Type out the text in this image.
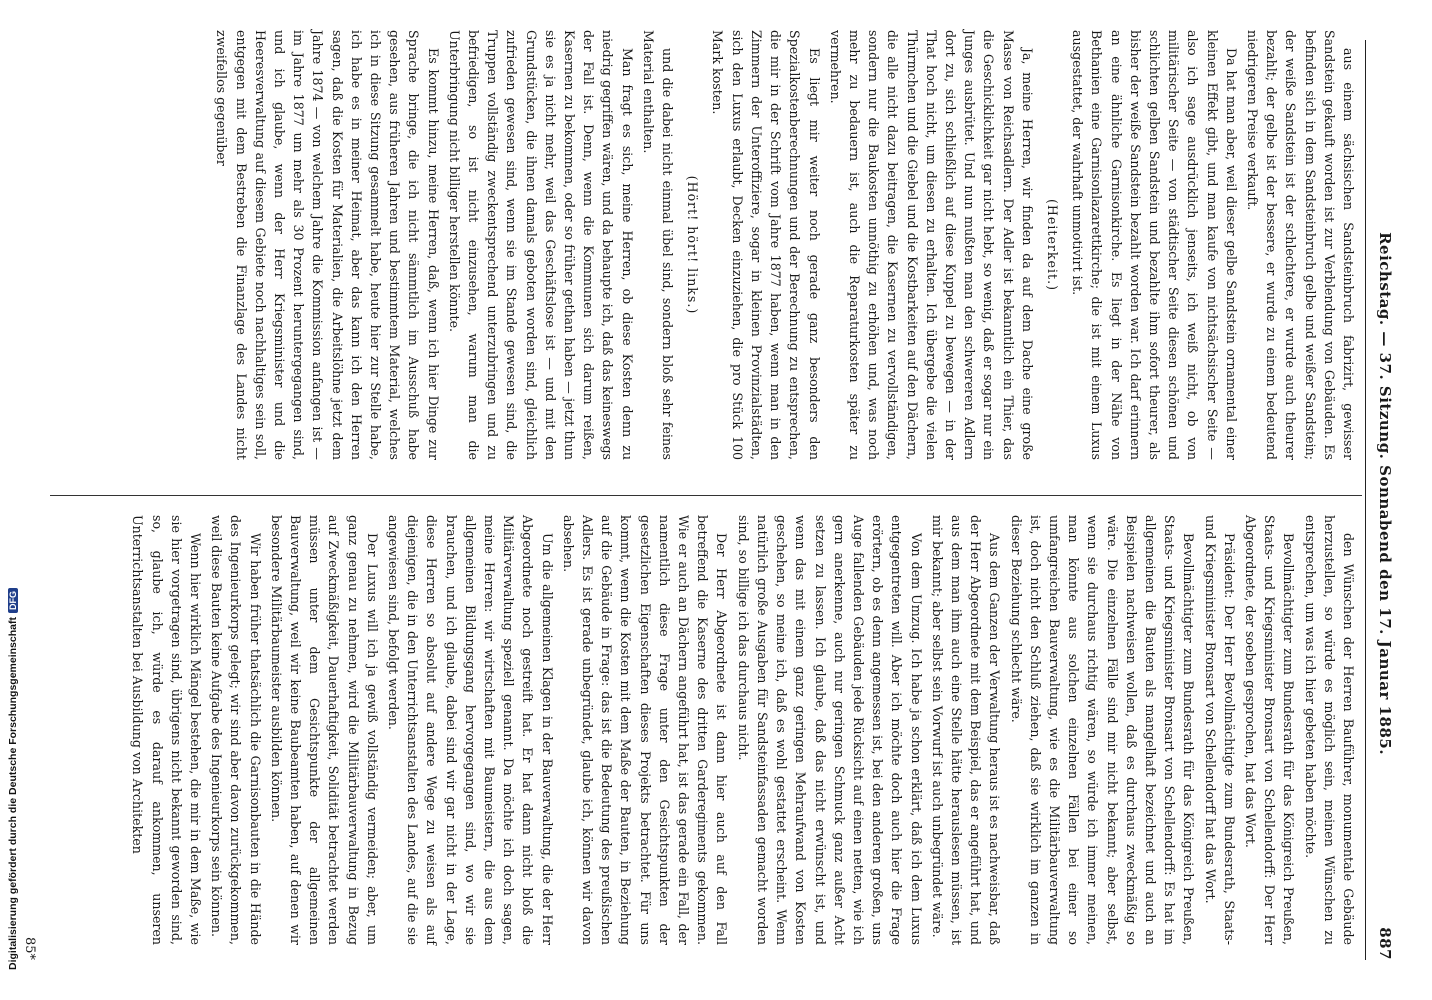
Digitalisierung gefördert durch die Deutsche ForschungsgemeinschaftDFG	Reichstag. — 37. Sitzung. Sonnabend den 17. Januar 1885.
887

aus einem sächsischen Sandsteinbruch fabrizirt, gewisser Sandstein gekauft worden ist zur Verblendung von Gebäuden. Es befinden sich in dem Sandsteinbruch gelbe und weißer Sandstein; der weiße Sandstein ist der schlechtere, er wurde auch theurer bezahlt; der gelbe ist der bessere, er wurde zu einem bedeutend niedrigeren Preise verkauft.

Da hat man aber, weil dieser gelbe Sandstein ornamental einer kleinen Effekt gibt, und man kaufe von nichtsächsischer Seite — also ich sage ausdrücklich jenseits, ich weiß nicht, ob von militärischer Seite — von städtischer Seite diesen schönen und schlichten gelben Sandstein und bezahlte ihm sofort theurer, als bisher der weiße Sandstein bezahlt worden war. Ich darf erinnern an eine ähnliche Garnisonkirche. Es liegt in der Nähe von Bethanien eine Garnisonlazarettkirche; die ist mit einem Luxus ausgestattet, der wahrhaft unmotivirt ist.

(Heiterkeit.)

Ja, meine Herren, wir finden da auf dem Dache eine große Masse von Reichsadlern. Der Adler ist bekanntlich ein Thier, das die Geschicklichkeit gar nicht hebt, so wenig, daß er sogar nur ein Junges ausbrütet. Und nun mußten man den schwereren Adlern dort zu, sich schließlich auf diese Kuppel zu bewegen — in der That hoch nicht, um diesen zu erhalten. Ich übergebe die vielen Thürmchen und die Giebel und die Kostbarkeiten auf den Dächern, die alle nicht dazu beitragen, die Kasernen zu vervollständigen, sondern nur die Baukosten unnöthig zu erhöhen und, was noch mehr zu bedauern ist, auch die Reparaturkosten später zu vermehren.

Es liegt mir weiter noch gerade ganz besonders den Spezialkostenberechnungen und der Berechnung zu entsprechen, die mir in der Schrift vom Jahre 1877 haben, wenn man in den Zimmern der Unteroffiziere, sogar in kleinen Provinzialstädten, sich den Luxus erlaubt, Decken einzuziehen, die pro Stück 100 Mark kosten.

(Hört! hört! links.)

und die dabei nicht einmal übel sind, sondern bloß sehr feines Material enthalten.

Man fragt es sich, meine Herren, ob diese Kosten denn zu niedrig gegriffen wären, und da behaupte ich, daß das keineswegs der Fall ist. Denn, wenn die Kommunen sich darum reißen, Kasernen zu bekommen, oder so früher gethan haben — jetzt thun sie es ja nicht mehr, weil das Geschäftslose ist — und mit den Grundstücken, die ihnen damals geboten worden sind, gleichlich zufrieden gewesen sind, wenn sie im Stande gewesen sind, die Truppen vollständig zweckentsprechend unterzubringen und zu befriedigen, so ist nicht einzusehen, warum man die Unterbringung nicht billiger herstellen könnte.

Es kommt hinzu, meine Herren, daß, wenn ich hier Dinge zur Sprache bringe, die ich nicht sämmtlich im Ausschuß habe gesehen, aus früheren Jahren und bestimmtem Material, welches ich in diese Sitzung gesammelt habe, heute hier zur Stelle habe, ich habe es in meiner Heimat, aber das kann ich den Herren sagen, daß die Kosten für Materialien, die Arbeitslöhne jetzt dem Jahre 1874 — von welchem Jahre die Kommission anfangen ist — im Jahre 1877 um mehr als 30 Prozent heruntergegangen sind, und ich glaube, wenn der Herr Kriegsminister und die Heeresverwaltung auf diesem Gebiete noch nachhaltiges sein soll, entgegen mit dem Bestreben die Finanzlage des Landes nicht zweifellos gegenüber

den Wünschen der Herren Bauführer, monumentale Gebäude herzustellen, so würde es möglich sein, meinen Wünschen zu entsprechen, um was ich hier gebeten haben möchte.

Bevollmächtigter zum Bundesrath für das Königreich Preußen, Staats- und Kriegsminister Bronsart von Schellendorff: Der Herr Abgeordnete, der soeben gesprochen, hat das Wort.

Präsident: Der Herr Bevollmächtigte zum Bundesrath, Staats- und Kriegsminister Bronsart von Schellendorff hat das Wort.

Bevollmächtigter zum Bundesrath für das Königreich Preußen, Staats- und Kriegsminister Bronsart von Schellendorff: Es hat im allgemeinen die Bauten als mangelhaft bezeichnet und auch an Beispielen nachweisen wollen, daß es durchaus zweckmäßig so wäre. Die einzelnen Fälle sind mir nicht bekannt; aber selbst, wenn sie durchaus richtig wären, so würde ich immer meinen, man könnte aus solchen einzelnen Fällen bei einer so umfangreichen Bauverwaltung, wie es die Militärbauverwaltung ist, doch nicht den Schluß ziehen, daß sie wirklich im ganzen in dieser Beziehung schlecht wäre.

Aus dem Ganzen der Verwaltung heraus ist es nachweisbar, daß der Herr Abgeordnete mit dem Beispiel, das er angeführt hat, und aus dem man ihm auch eine Stelle hätte herauslesen müssen, ist mir bekannt; aber selbst sein Vorwurf ist auch unbegründet wäre.

Von dem Umzug. Ich habe ja schon erklärt, daß ich dem Luxus entgegentreten will. Aber ich möchte doch auch hier die Frage erörtern, ob es denn angemessen ist, bei den anderen großen, uns Auge fallenden Gebäuden jede Rücksicht auf einen netten, wie ich gern anerkenne, auch nur geringen Schmuck ganz außer Acht setzen zu lassen. Ich glaube, daß das nicht erwünscht ist, und wenn das mit einem ganz geringen Mehraufwand von Kosten geschehen, so meine ich, daß es wohl gestattet erscheint. Wenn natürlich große Ausgaben für Sandsteinfassaden gemacht worden sind, so billige ich das durchaus nicht.

Der Herr Abgeordnete ist dann hier auch auf den Fall betreffend die Kaserne des dritten Garderegiments gekommen. Wie er auch an Dächern angeführt hat, ist das gerade ein Fall, der namentlich diese Frage unter den Gesichtspunkten der gesetzlichen Eigenschaften dieses Projekts betrachtet. Für uns kommt, wenn die Kosten mit dem Maße der Bauten, in Beziehung auf die Gebäude in Frage: das ist die Bedeutung des preußischen Adlers. Es ist gerade unbegründet, glaube ich, können wir davon absehen.

Um die allgemeinen Klagen in der Bauverwaltung, die der Herr Abgeordnete noch gestreift hat. Er hat dann nicht bloß die Militärverwaltung speziell genannt. Da möchte ich doch sagen, meine Herren: wir wirtschaften mit Baumeistern, die aus dem allgemeinen Bildungsgang hervorgegangen sind, wo wir sie brauchen, und ich glaube, dabei sind wir gar nicht in der Lage, diese Herren so absolut auf andere Wege zu weisen als auf diejenigen, die in den Unterrichtsanstalten des Landes, auf die sie angewiesen sind, befolgt werden.

Der Luxus will ich ja gewiß vollständig vermeiden; aber, um ganz genau zu nehmen, wird die Militärbauverwaltung in Bezug auf Zweckmäßigkeit, Dauerhaftigkeit, Solidität betrachtet werden müssen unter dem Gesichtspunkte der allgemeinen Bauverwaltung, weil wir keine Baubeamten haben, auf denen wir besondere Militärbaumeister ausbilden können.

Wir haben früher thatsächlich die Garnisonbauten in die Hände des Ingenieurkorps gelegt; wir sind aber davon zurückgekommen, weil diese Bauten keine Aufgabe des Ingenieurkorps sein können.

Wenn hier wirklich Mängel bestehen, die mir in dem Maße, wie sie hier vorgetragen sind, übrigens nicht bekannt geworden sind, so, glaube ich, würde es darauf ankommen, unseren Unterrichtsanstalten bei Ausbildung von Architekten

85*
